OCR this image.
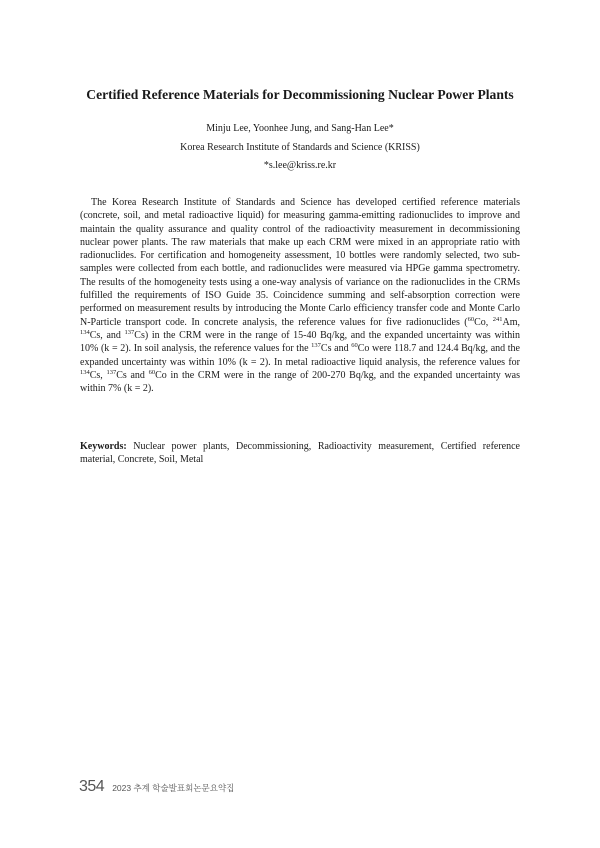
Certified Reference Materials for Decommissioning Nuclear Power Plants
Minju Lee, Yoonhee Jung, and Sang-Han Lee*
Korea Research Institute of Standards and Science (KRISS)
*s.lee@kriss.re.kr

The Korea Research Institute of Standards and Science has developed certified reference materials (concrete, soil, and metal radioactive liquid) for measuring gamma-emitting radionuclides to improve and maintain the quality assurance and quality control of the radioactivity measurement in decommissioning nuclear power plants. The raw materials that make up each CRM were mixed in an appropriate ratio with radionuclides. For certification and homogeneity assessment, 10 bottles were randomly selected, two sub-samples were collected from each bottle, and radionuclides were measured via HPGe gamma spectrometry. The results of the homogeneity tests using a one-way analysis of variance on the radionuclides in the CRMs fulfilled the requirements of ISO Guide 35. Coincidence summing and self-absorption correction were performed on measurement results by introducing the Monte Carlo efficiency transfer code and Monte Carlo N-Particle transport code. In concrete analysis, the reference values for five radionuclides ($^{60}$Co, $^{241}$Am, $^{134}$Cs, and $^{137}$Cs) in the CRM were in the range of 15-40 Bq/kg, and the expanded uncertainty was within 10% (k = 2). In soil analysis, the reference values for the $^{137}$Cs and $^{60}$Co were 118.7 and 124.4 Bq/kg, and the expanded uncertainty was within 10% (k = 2). In metal radioactive liquid analysis, the reference values for $^{134}$Cs, $^{137}$Cs and $^{60}$Co in the CRM were in the range of 200-270 Bq/kg, and the expanded uncertainty was within 7% (k = 2).

Keywords: Nuclear power plants, Decommissioning, Radioactivity measurement, Certified reference material, Concrete, Soil, Metal

354 2023 추계 학술발표회논문요약집
